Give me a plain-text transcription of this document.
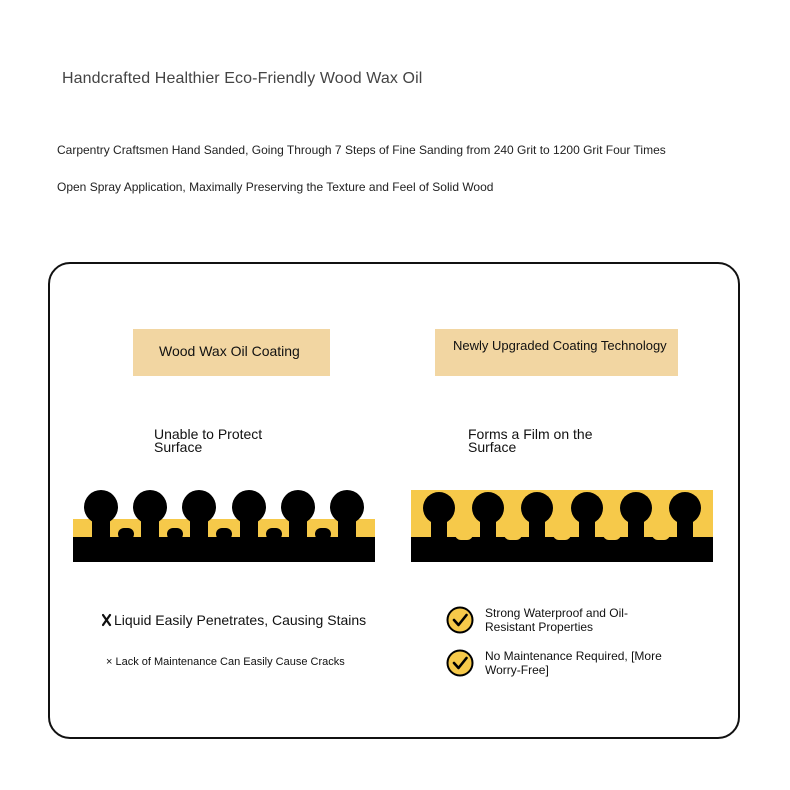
Handcrafted Healthier Eco-Friendly Wood Wax Oil
Carpentry Craftsmen Hand Sanded, Going Through 7 Steps of Fine Sanding from 240 Grit to 1200 Grit Four Times
Open Spray Application, Maximally Preserving the Texture and Feel of Solid Wood
Wood Wax Oil Coating	Newly Upgraded Coating Technology
Unable to Protect Surface
Forms a Film on the Surface
Liquid Easily Penetrates, Causing Stains
× Lack of Maintenance Can Easily Cause Cracks
Strong Waterproof and Oil-Resistant Properties
No Maintenance Required, [More Worry-Free]
